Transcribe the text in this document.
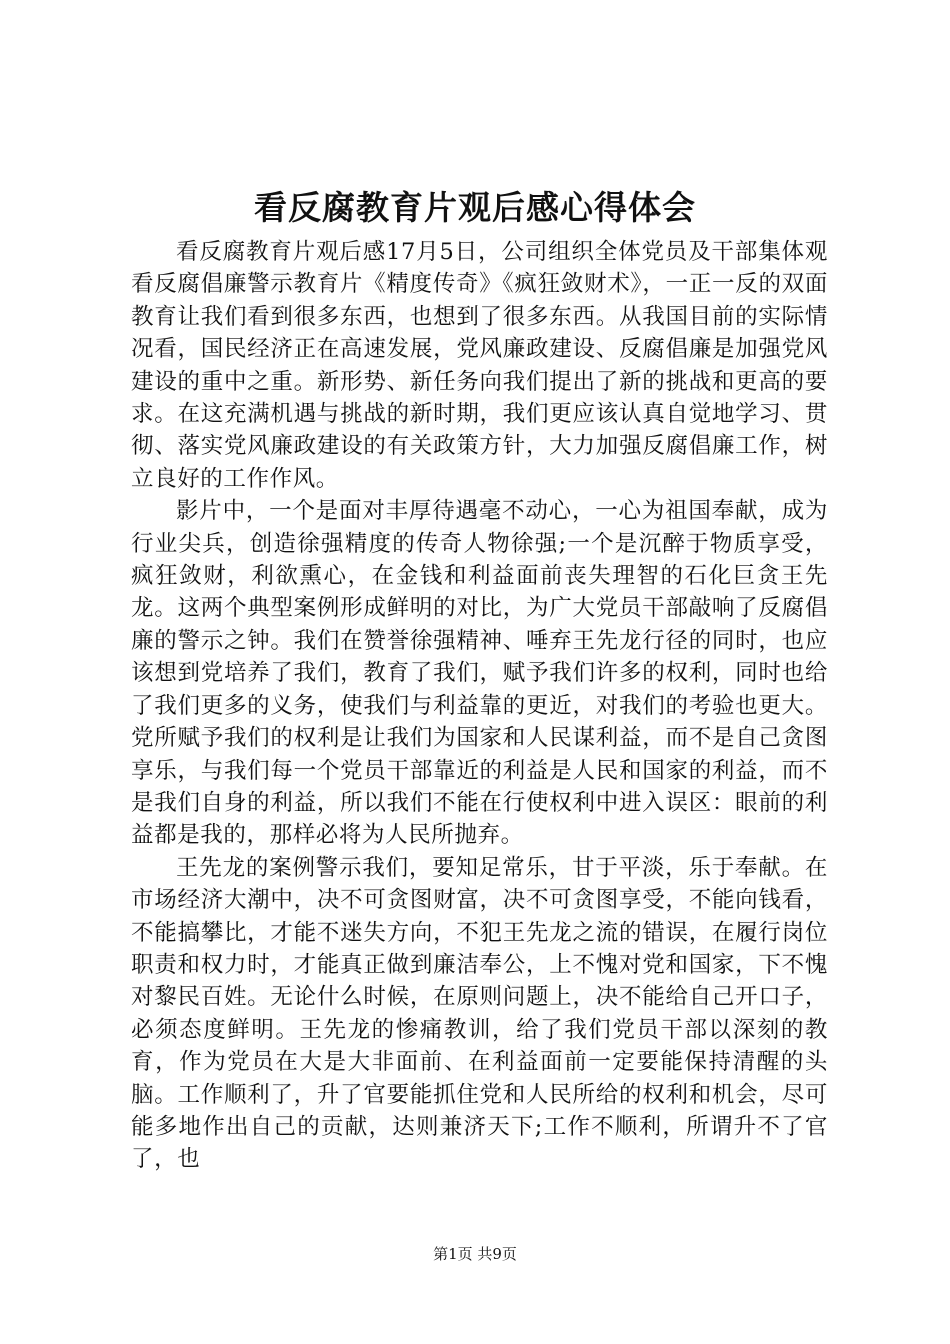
看反腐教育片观后感心得体会

看反腐教育片观后感17月5日，公司组织全体党员及干部集体观看反腐倡廉警示教育片《精度传奇》《疯狂敛财术》，一正一反的双面教育让我们看到很多东西，也想到了很多东西。从我国目前的实际情况看，国民经济正在高速发展，党风廉政建设、反腐倡廉是加强党风建设的重中之重。新形势、新任务向我们提出了新的挑战和更高的要求。在这充满机遇与挑战的新时期，我们更应该认真自觉地学习、贯彻、落实党风廉政建设的有关政策方针，大力加强反腐倡廉工作，树立良好的工作作风。

影片中，一个是面对丰厚待遇毫不动心，一心为祖国奉献，成为行业尖兵，创造徐强精度的传奇人物徐强;一个是沉醉于物质享受，疯狂敛财，利欲熏心，在金钱和利益面前丧失理智的石化巨贪王先龙。这两个典型案例形成鲜明的对比，为广大党员干部敲响了反腐倡廉的警示之钟。我们在赞誉徐强精神、唾弃王先龙行径的同时，也应该想到党培养了我们，教育了我们，赋予我们许多的权利，同时也给了我们更多的义务，使我们与利益靠的更近，对我们的考验也更大。党所赋予我们的权利是让我们为国家和人民谋利益，而不是自己贪图享乐，与我们每一个党员干部靠近的利益是人民和国家的利益，而不是我们自身的利益，所以我们不能在行使权利中进入误区：眼前的利益都是我的，那样必将为人民所抛弃。

王先龙的案例警示我们，要知足常乐，甘于平淡，乐于奉献。在市场经济大潮中，决不可贪图财富，决不可贪图享受，不能向钱看，不能搞攀比，才能不迷失方向，不犯王先龙之流的错误，在履行岗位职责和权力时，才能真正做到廉洁奉公，上不愧对党和国家，下不愧对黎民百姓。无论什么时候，在原则问题上，决不能给自己开口子，必须态度鲜明。王先龙的惨痛教训，给了我们党员干部以深刻的教育，作为党员在大是大非面前、在利益面前一定要能保持清醒的头脑。工作顺利了，升了官要能抓住党和人民所给的权利和机会，尽可能多地作出自己的贡献，达则兼济天下;工作不顺利，所谓升不了官了，也

第1页 共9页
